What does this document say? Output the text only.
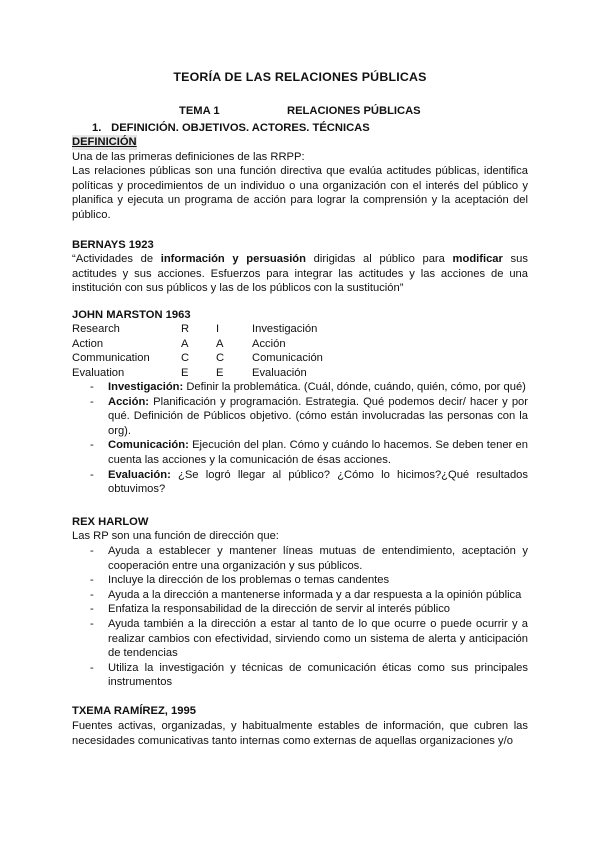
TEORÍA DE LAS RELACIONES PÚBLICAS
TEMA 1	RELACIONES PÚBLICAS
1. DEFINICIÓN. OBJETIVOS. ACTORES. TÉCNICAS
DEFINICIÓN
Una de las primeras definiciones de las RRPP:
Las relaciones públicas son una función directiva que evalúa actitudes públicas, identifica políticas y procedimientos de un individuo o una organización con el interés del público y planifica y ejecuta un programa de acción para lograr la comprensión y la aceptación del público.
BERNAYS 1923
“Actividades de información y persuasión dirigidas al público para modificar sus actitudes y sus acciones. Esfuerzos para integrar las actitudes y las acciones de una institución con sus públicos y las de los públicos con la sustitución”
JOHN MARSTON 1963
Research	R	I	Investigación
Action	A	A	Acción
Communication	C	C	Comunicación
Evaluation	E	E	Evaluación
- Investigación: Definir la problemática. (Cuál, dónde, cuándo, quién, cómo, por qué)
- Acción: Planificación y programación. Estrategia. Qué podemos decir/ hacer y por qué. Definición de Públicos objetivo. (cómo están involucradas las personas con la org).
- Comunicación: Ejecución del plan. Cómo y cuándo lo hacemos. Se deben tener en cuenta las acciones y la comunicación de ésas acciones.
- Evaluación: ¿Se logró llegar al público? ¿Cómo lo hicimos?¿Qué resultados obtuvimos?
REX HARLOW
Las RP son una función de dirección que:
- Ayuda a establecer y mantener líneas mutuas de entendimiento, aceptación y cooperación entre una organización y sus públicos.
- Incluye la dirección de los problemas o temas candentes
- Ayuda a la dirección a mantenerse informada y a dar respuesta a la opinión pública
- Enfatiza la responsabilidad de la dirección de servir al interés público
- Ayuda también a la dirección a estar al tanto de lo que ocurre o puede ocurrir y a realizar cambios con efectividad, sirviendo como un sistema de alerta y anticipación de tendencias
- Utiliza la investigación y técnicas de comunicación éticas como sus principales instrumentos
TXEMA RAMÍREZ, 1995
Fuentes activas, organizadas, y habitualmente estables de información, que cubren las necesidades comunicativas tanto internas como externas de aquellas organizaciones y/o
